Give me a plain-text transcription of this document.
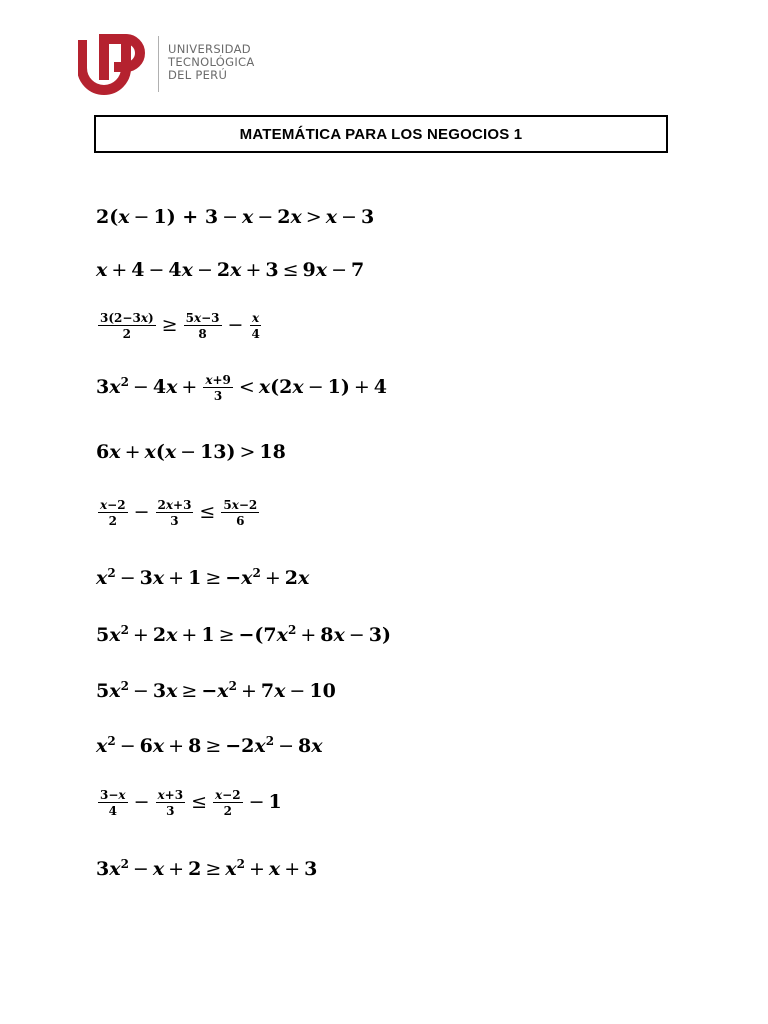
UNIVERSIDAD
TECNOLÓGICA
DEL PERÚ
MATEMÁTICA PARA LOS NEGOCIOS 1
2(x − 1) + 3 − x − 2x > x − 3
x + 4 − 4x − 2x + 3 ≤ 9x − 7
$\frac{3(2-3x)}{2} \ge \frac{5x-3}{8} - \frac{x}{4}$
$3x^2 - 4x + \frac{x+9}{3} < x(2x - 1) + 4$
6x + x(x − 13) > 18
$\frac{x-2}{2} - \frac{2x+3}{3} \le \frac{5x-2}{6}$
$x^2 - 3x + 1 \ge -x^2 + 2x$
$5x^2 + 2x + 1 \ge -(7x^2 + 8x - 3)$
$5x^2 - 3x \ge -x^2 + 7x - 10$
$x^2 - 6x + 8 \ge -2x^2 - 8x$
$\frac{3-x}{4} - \frac{x+3}{3} \le \frac{x-2}{2} - 1$
$3x^2 - x + 2 \ge x^2 + x + 3$
